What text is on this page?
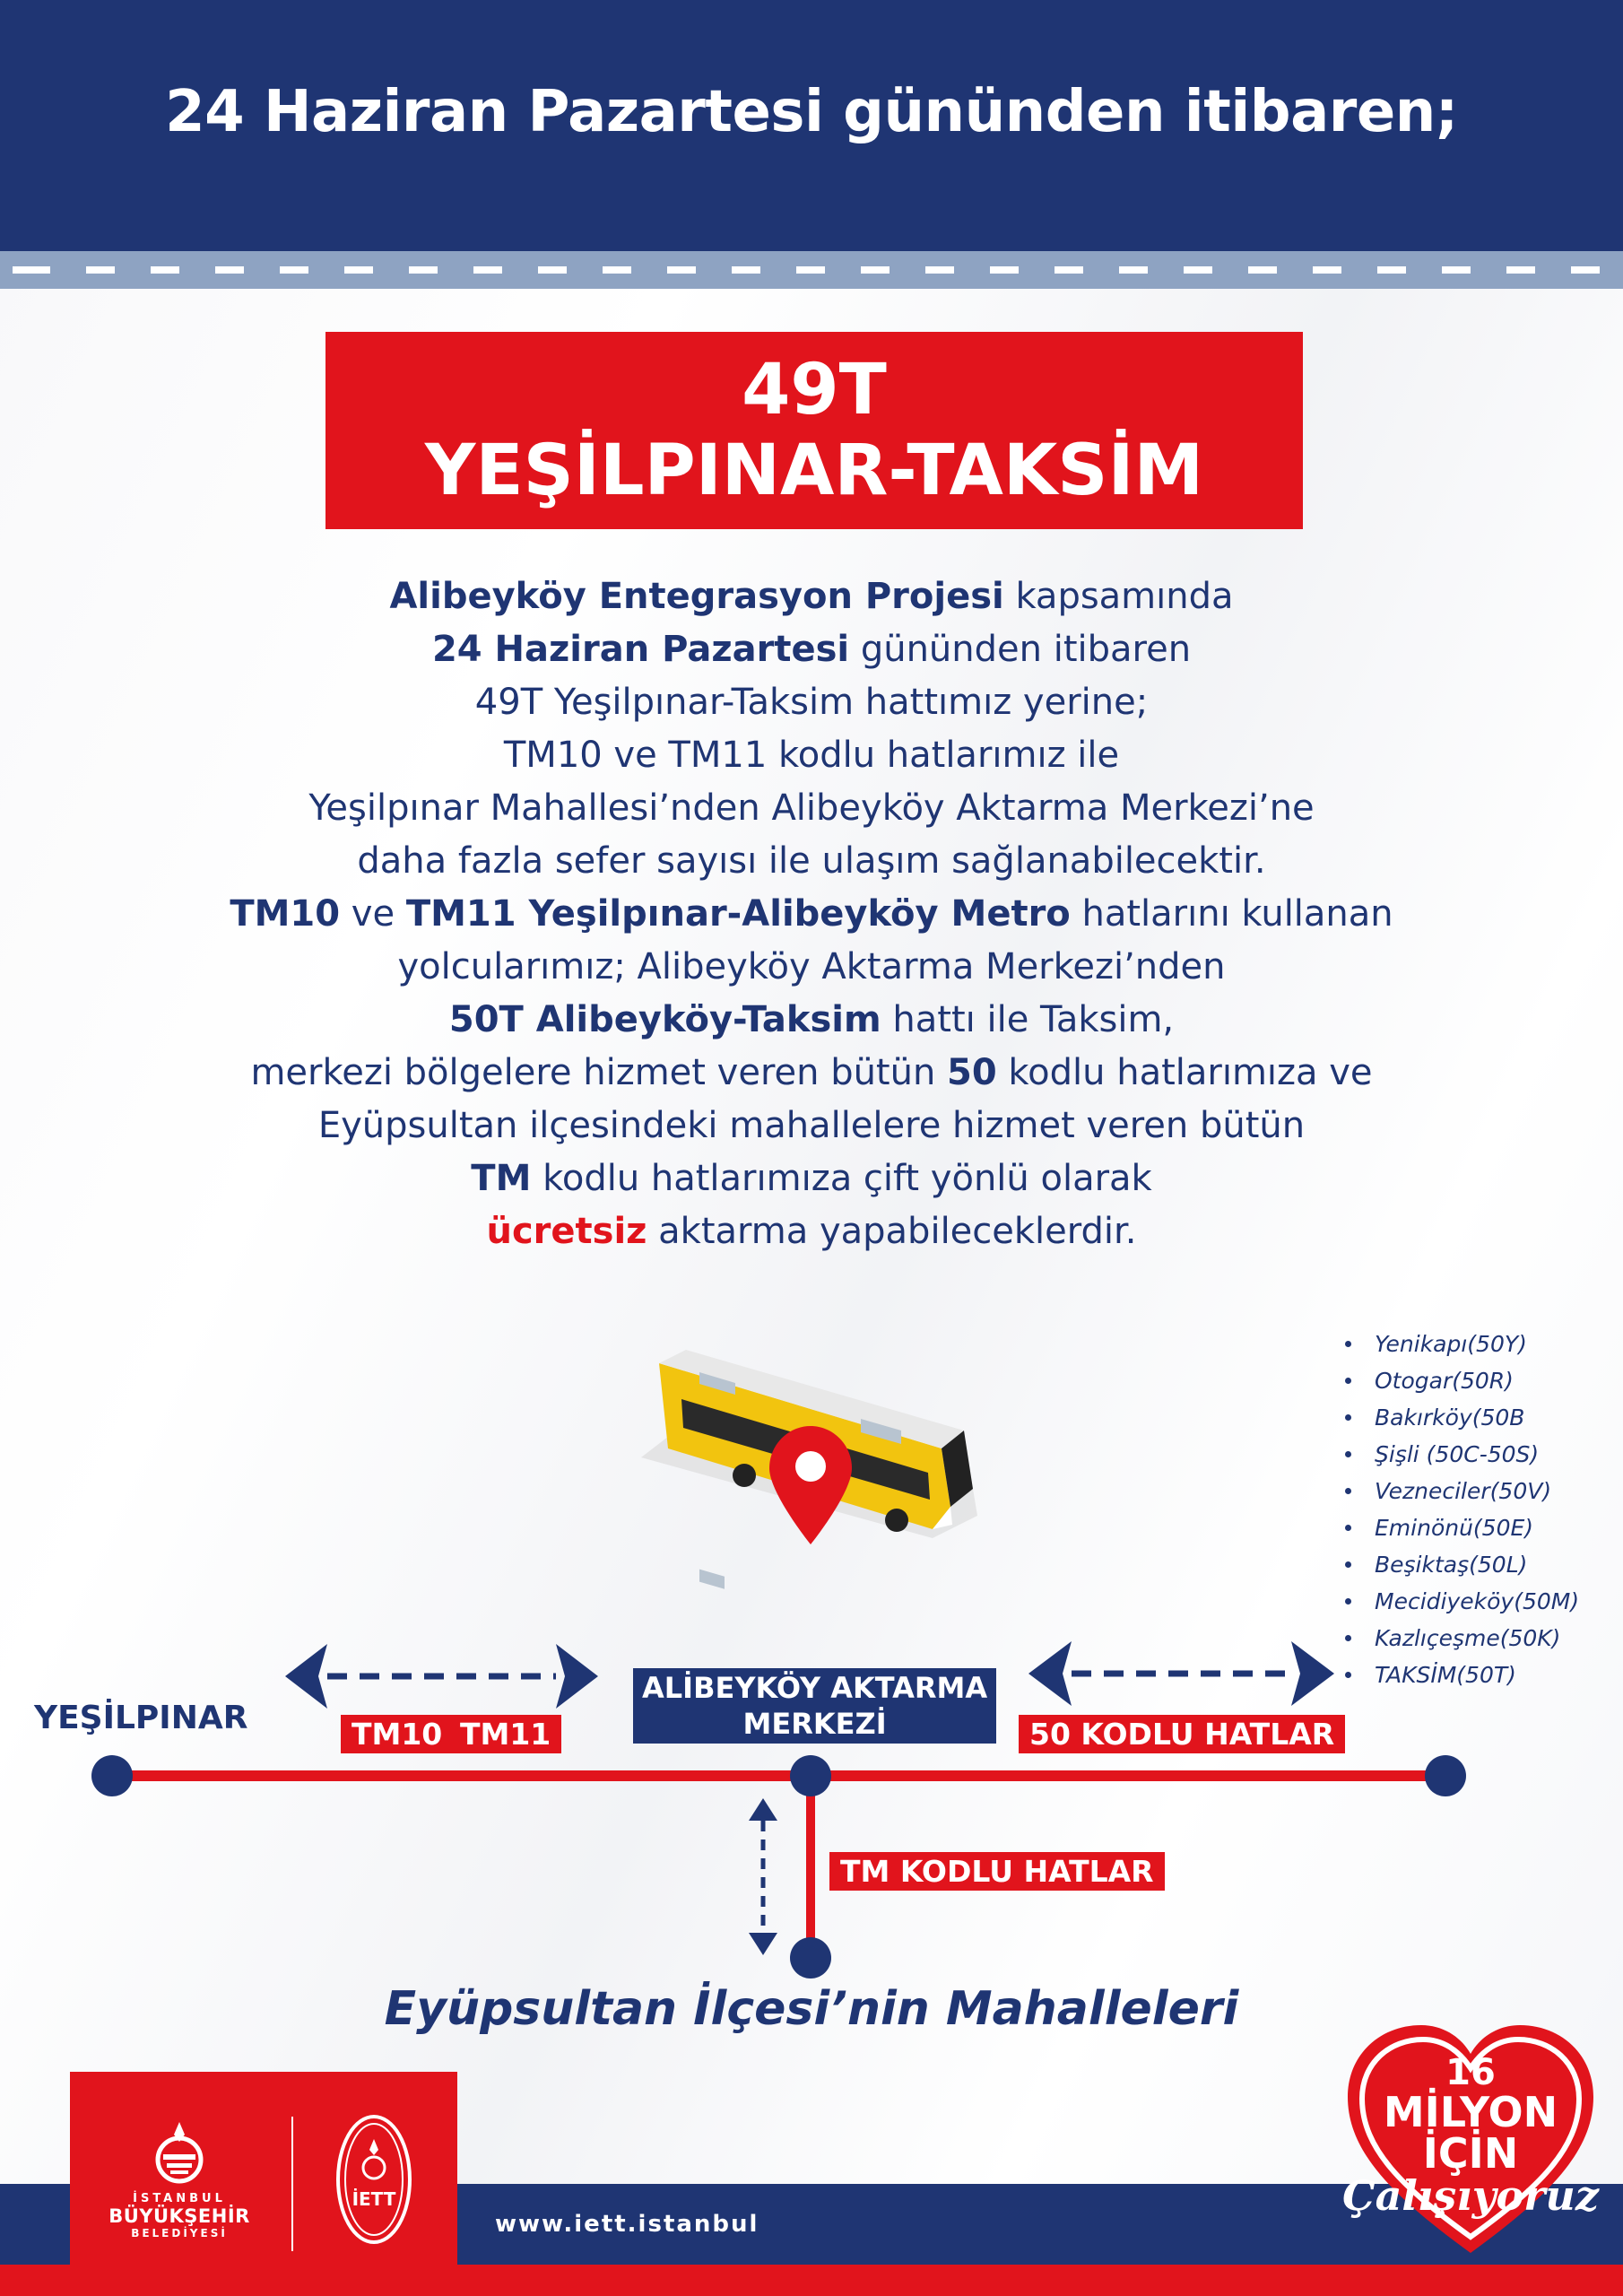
24 Haziran Pazartesi gününden itibaren;
49T
YEŞİLPINAR-TAKSİM

Alibeyköy Entegrasyon Projesi kapsamında

24 Haziran Pazartesi gününden itibaren

49T Yeşilpınar-Taksim hattımız yerine;

TM10 ve TM11 kodlu hatlarımız ile

Yeşilpınar Mahallesi’nden Alibeyköy Aktarma Merkezi’ne

daha fazla sefer sayısı ile ulaşım sağlanabilecektir.

TM10 ve TM11 Yeşilpınar-Alibeyköy Metro hatlarını kullanan

yolcularımız; Alibeyköy Aktarma Merkezi’nden

50T Alibeyköy-Taksim hattı ile Taksim,

merkezi bölgelere hizmet veren bütün 50 kodlu hatlarımıza ve

Eyüpsultan ilçesindeki mahallelere hizmet veren bütün

TM kodlu hatlarımıza çift yönlü olarak

ücretsiz aktarma yapabileceklerdir.

Yenikapı(50Y)
Otogar(50R)
Bakırköy(50B
Şişli (50C-50S)
Vezneciler(50V)
Eminönü(50E)
Beşiktaş(50L)
Mecidiyeköy(50M)
Kazlıçeşme(50K)
TAKSİM(50T)
YEŞİLPINAR	TM10 TM11
ALİBEYKÖY AKTARMA
MERKEZİ	50 KODLU HATLAR
TM KODLU HATLAR
Eyüpsultan İlçesi’nin Mahalleleri
İSTANBUL
BÜYÜKŞEHİR
BELEDİYESİ
İETT
www.iett.istanbul
16
MİLYON
İÇİN
Çalışıyoruz
